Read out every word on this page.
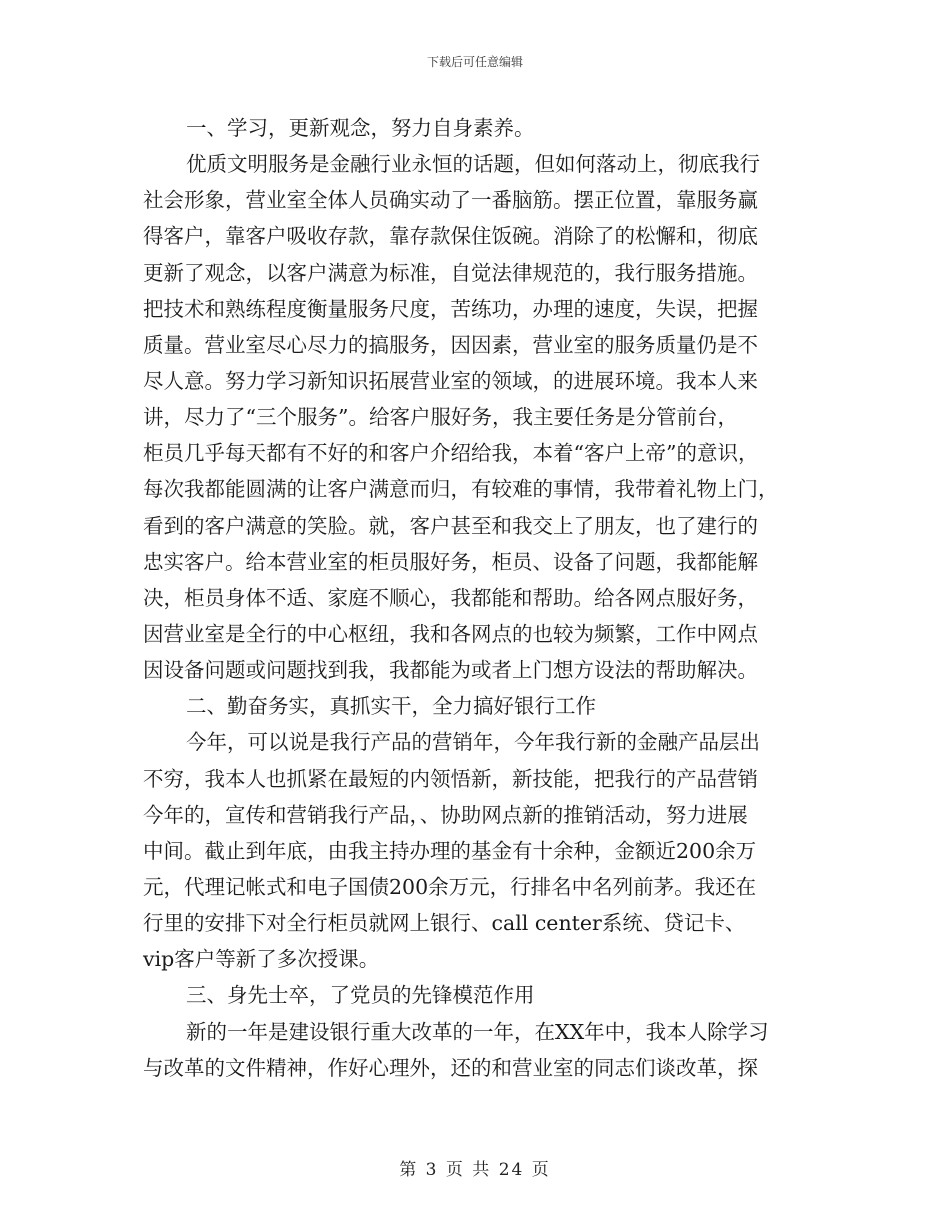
下载后可任意编辑
一、学习，更新观念，努力自身素养。
优质文明服务是金融行业永恒的话题，但如何落动上，彻底我行
社会形象，营业室全体人员确实动了一番脑筋。摆正位置，靠服务赢
得客户，靠客户吸收存款，靠存款保住饭碗。消除了的松懈和，彻底
更新了观念，以客户满意为标准，自觉法律规范的，我行服务措施。
把技术和熟练程度衡量服务尺度，苦练功，办理的速度，失误，把握
质量。营业室尽心尽力的搞服务，因因素，营业室的服务质量仍是不
尽人意。努力学习新知识拓展营业室的领域，的进展环境。我本人来
讲，尽力了“三个服务”。给客户服好务，我主要任务是分管前台，
柜员几乎每天都有不好的和客户介绍给我，本着“客户上帝”的意识，
每次我都能圆满的让客户满意而归，有较难的事情，我带着礼物上门，
看到的客户满意的笑脸。就，客户甚至和我交上了朋友，也了建行的
忠实客户。给本营业室的柜员服好务，柜员、设备了问题，我都能解
决，柜员身体不适、家庭不顺心，我都能和帮助。给各网点服好务，
因营业室是全行的中心枢纽，我和各网点的也较为频繁，工作中网点
因设备问题或问题找到我，我都能为或者上门想方设法的帮助解决。
二、勤奋务实，真抓实干，全力搞好银行工作
今年，可以说是我行产品的营销年，今年我行新的金融产品层出
不穷，我本人也抓紧在最短的内领悟新，新技能，把我行的产品营销
今年的，宣传和营销我行产品，、协助网点新的推销活动，努力进展
中间。截止到年底，由我主持办理的基金有十余种，金额近200余万
元，代理记帐式和电子国债200余万元，行排名中名列前茅。我还在
行里的安排下对全行柜员就网上银行、call center系统、贷记卡、
vip客户等新了多次授课。
三、身先士卒，了党员的先锋模范作用
新的一年是建设银行重大改革的一年，在XX年中，我本人除学习
与改革的文件精神，作好心理外，还的和营业室的同志们谈改革，探
第 3 页 共 24 页
